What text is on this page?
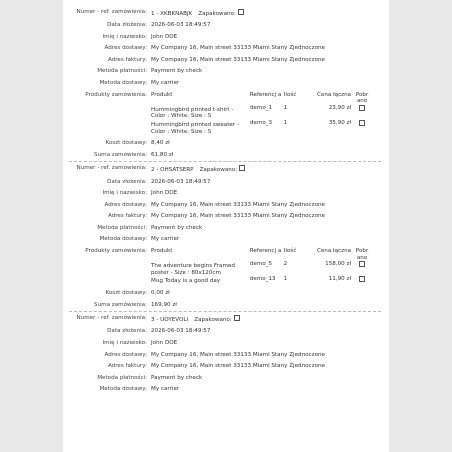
Numer - ref. zamówienia: 1 - XKBKNABJK Zapakowano:
Data złożenia: 2026-06-03 18:49:57
Imię i nazwisko: John DOE
Adres dostawy: My Company 16, Main street 33133 Miami Stany Zjednoczone
Adres faktury: My Company 16, Main street 33133 Miami Stany Zjednoczone
Metoda płatności: Payment by check
Metoda dostawy: My carrier
Produkty zamówienia: Produkt	Referencj a	Ilość	Cena łączna	Pobr ano
Hummingbird printed t-shirt - Color : White, Size : S	demo_1	1	23,90 zł	
Hummingbird printed sweater - Color : White, Size : S	demo_3	1	35,90 zł	
Koszt dostawy: 8,40 zł
Suma zamówienia: 61,80 zł
Numer - ref. zamówienia: 2 - OHSATSERP Zapakowano:
Data złożenia: 2026-06-03 18:49:57
Imię i nazwisko: John DOE
Adres dostawy: My Company 16, Main street 33133 Miami Stany Zjednoczone
Adres faktury: My Company 16, Main street 33133 Miami Stany Zjednoczone
Metoda płatności: Payment by check
Metoda dostawy: My carrier
Produkty zamówienia: Produkt	Referencj a	Ilość	Cena łączna	Pobr ano
The adventure begins Framed poster - Size : 80x120cm	demo_5	2	158,00 zł	
Mug Today is a good day	demo_13	1	11,90 zł	
Koszt dostawy: 0,00 zł
Suma zamówienia: 169,90 zł
Numer - ref. zamówienia: 3 - UOYEVOLI Zapakowano:
Data złożenia: 2026-06-03 18:49:57
Imię i nazwisko: John DOE
Adres dostawy: My Company 16, Main street 33133 Miami Stany Zjednoczone
Adres faktury: My Company 16, Main street 33133 Miami Stany Zjednoczone
Metoda płatności: Payment by check
Metoda dostawy: My carrier
